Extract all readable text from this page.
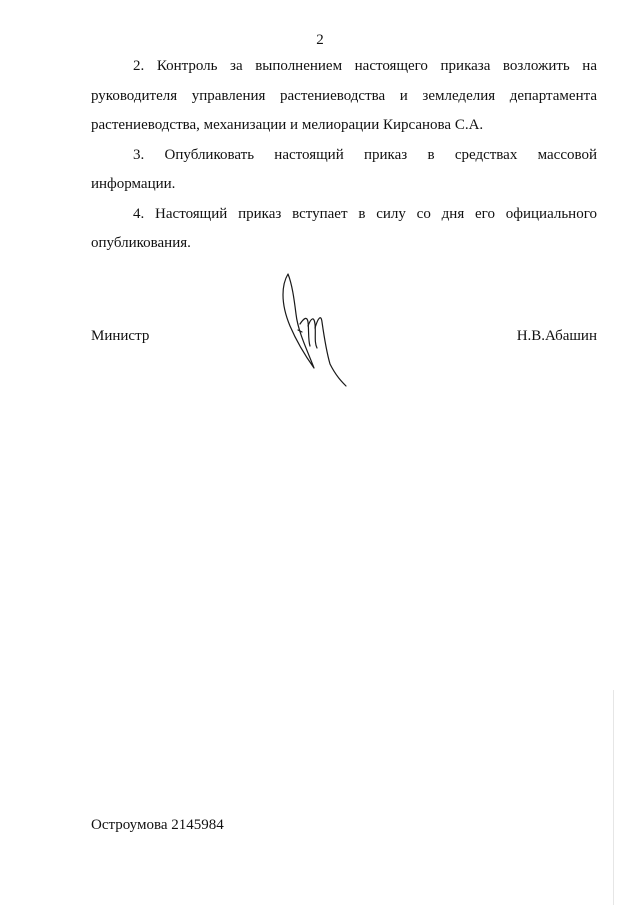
2

2. Контроль за выполнением настоящего приказа возложить на
руководителя управления растениеводства и земледелия департамента
растениеводства, механизации и мелиорации Кирсанова С.А.

3. Опубликовать настоящий приказ в средствах массовой
информации.

4. Настоящий приказ вступает в силу со дня его официального
опубликования.

Министр	Н.В.Абашин
Остроумова 2145984
